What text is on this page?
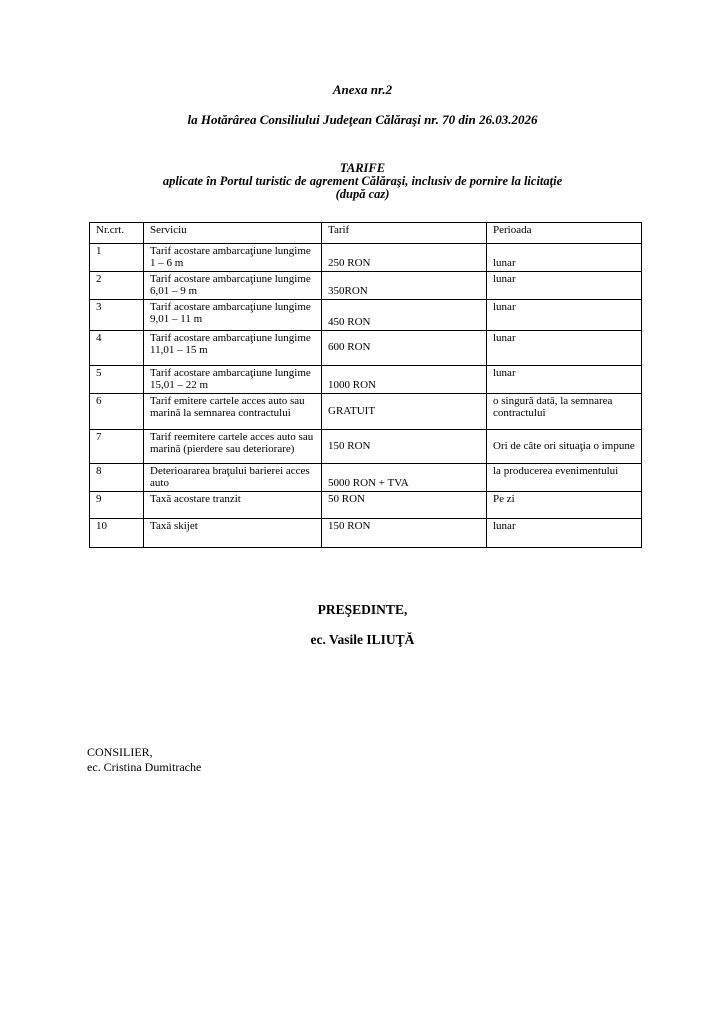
Anexa nr.2
la Hotărârea Consiliului Judeţean Călăraşi nr. 70 din 26.03.2026
TARIFE
aplicate în Portul turistic de agrement Călăraşi, inclusiv de pornire la licitaţie
(după caz)
Nr.crt.	Serviciu	Tarif	Perioada
1	Tarif acostare ambarcaţiune lungime 1 – 6 m	250 RON	lunar
2	Tarif acostare ambarcaţiune lungime 6,01 – 9 m	350RON	lunar
3	Tarif acostare ambarcaţiune lungime 9,01 – 11 m	450 RON	lunar
4	Tarif acostare ambarcaţiune lungime 11,01 – 15 m	600 RON	lunar
5	Tarif acostare ambarcaţiune lungime 15,01 – 22 m	1000 RON	lunar
6	Tarif emitere cartele acces auto sau marină la semnarea contractului	GRATUIT	o singură dată, la semnarea contractului
7	Tarif reemitere cartele acces auto sau marină (pierdere sau deteriorare)	150 RON	Ori de câte ori situaţia o impune
8	Deterioararea braţului barierei acces auto	5000 RON + TVA	la producerea evenimentului
9	Taxă acostare tranzit	50 RON	Pe zi
10	Taxă skijet	150 RON	lunar
PREŞEDINTE,
ec. Vasile ILIUŢĂ
CONSILIER,
ec. Cristina Dumitrache
